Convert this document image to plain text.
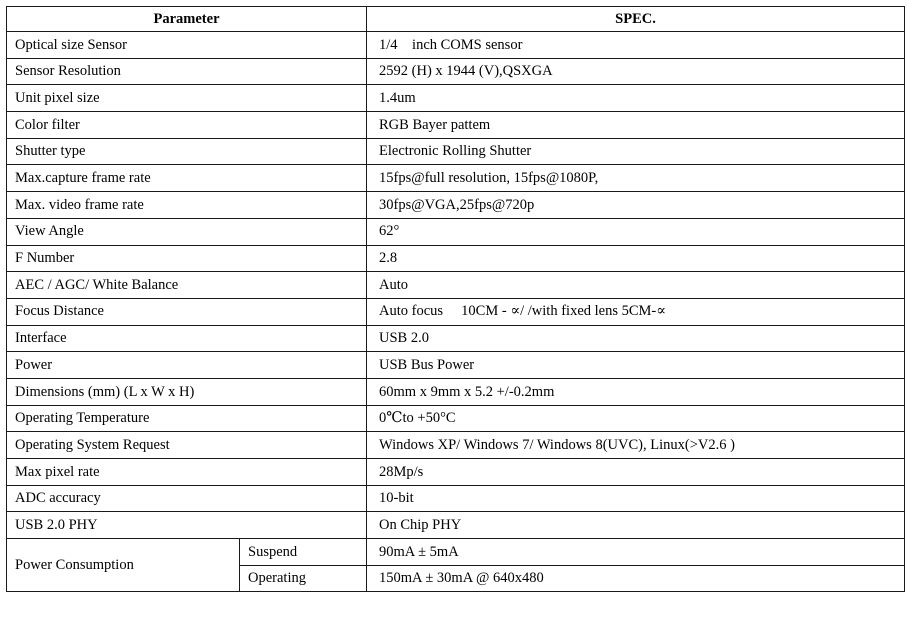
Parameter		SPEC.
Optical size Sensor		1/4　inch COMS sensor
Sensor Resolution		2592 (H) x 1944 (V),QSXGA
Unit pixel size		1.4um
Color filter		RGB Bayer pattem
Shutter type		Electronic Rolling Shutter
Max.capture frame rate		15fps@full resolution, 15fps@1080P,
Max. video frame rate		30fps@VGA,25fps@720p
View Angle		62°
F Number		2.8
AEC / AGC/ White Balance		Auto
Focus Distance		Auto focus　 10CM - ∝/ /with fixed lens 5CM-∝
Interface		USB 2.0
Power		USB Bus Power
Dimensions (mm) (L x W x H)		60mm x 9mm x 5.2 +/-0.2mm
Operating Temperature		0℃to +50°C
Operating System Request		Windows XP/ Windows 7/ Windows 8(UVC), Linux(>V2.6 )
Max pixel rate		28Mp/s
ADC accuracy		10-bit
USB 2.0 PHY		On Chip PHY
Power Consumption	Suspend	90mA ± 5mA
	Operating	150mA ± 30mA @ 640x480
